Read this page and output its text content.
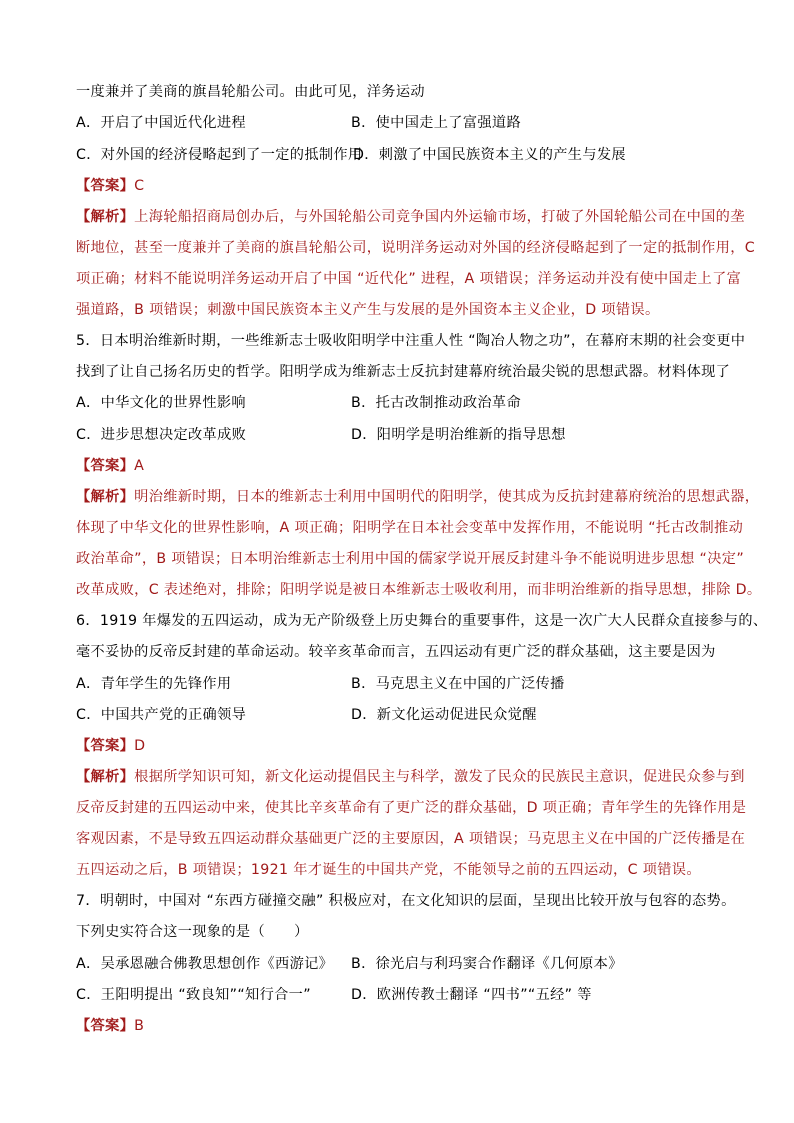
一度兼并了美商的旗昌轮船公司。由此可见，洋务运动
A．开启了中国近代化进程	B．使中国走上了富强道路
C．对外国的经济侵略起到了一定的抵制作用
D．刺激了中国民族资本主义的产生与发展
【答案】C
【解析】上海轮船招商局创办后，与外国轮船公司竞争国内外运输市场，打破了外国轮船公司在中国的垄
断地位，甚至一度兼并了美商的旗昌轮船公司，说明洋务运动对外国的经济侵略起到了一定的抵制作用，C
项正确；材料不能说明洋务运动开启了中国 “近代化” 进程，A 项错误；洋务运动并没有使中国走上了富
强道路，B 项错误；刺激中国民族资本主义产生与发展的是外国资本主义企业，D 项错误。
5．日本明治维新时期，一些维新志士吸收阳明学中注重人性 “陶冶人物之功”，在幕府末期的社会变更中
找到了让自己扬名历史的哲学。阳明学成为维新志士反抗封建幕府统治最尖锐的思想武器。材料体现了
A．中华文化的世界性影响	B．托古改制推动政治革命
C．进步思想决定改革成败	D．阳明学是明治维新的指导思想
【答案】A
【解析】明治维新时期，日本的维新志士利用中国明代的阳明学，使其成为反抗封建幕府统治的思想武器，
体现了中华文化的世界性影响，A 项正确；阳明学在日本社会变革中发挥作用，不能说明 “托古改制推动
政治革命”，B 项错误；日本明治维新志士利用中国的儒家学说开展反封建斗争不能说明进步思想 “决定”
改革成败，C 表述绝对，排除；阳明学说是被日本维新志士吸收利用，而非明治维新的指导思想，排除 D。
6．1919 年爆发的五四运动，成为无产阶级登上历史舞台的重要事件，这是一次广大人民群众直接参与的、
毫不妥协的反帝反封建的革命运动。较辛亥革命而言，五四运动有更广泛的群众基础，这主要是因为
A．青年学生的先锋作用	B．马克思主义在中国的广泛传播
C．中国共产党的正确领导	D．新文化运动促进民众觉醒
【答案】D
【解析】根据所学知识可知，新文化运动提倡民主与科学，激发了民众的民族民主意识，促进民众参与到
反帝反封建的五四运动中来，使其比辛亥革命有了更广泛的群众基础，D 项正确；青年学生的先锋作用是
客观因素，不是导致五四运动群众基础更广泛的主要原因，A 项错误；马克思主义在中国的广泛传播是在
五四运动之后，B 项错误；1921 年才诞生的中国共产党，不能领导之前的五四运动，C 项错误。
7．明朝时，中国对 “东西方碰撞交融” 积极应对，在文化知识的层面，呈现出比较开放与包容的态势。
下列史实符合这一现象的是（　　）
A．吴承恩融合佛教思想创作《西游记》 B．徐光启与利玛窦合作翻译《几何原本》
C．王阳明提出 “致良知”“知行合一”	D．欧洲传教士翻译 “四书”“五经” 等
【答案】B
